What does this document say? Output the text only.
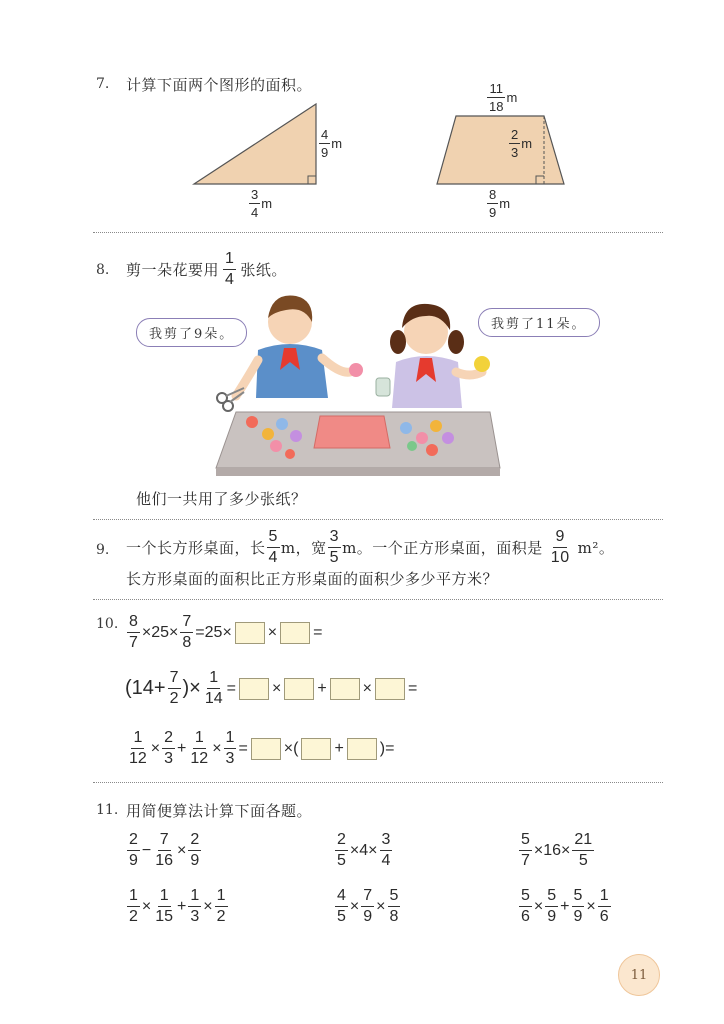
7. 计算下面两个图形的面积。
$\frac{4}{9}$ m
$\frac{3}{4}$ m
$\frac{11}{18}$ m
$\frac{2}{3}$ m
$\frac{8}{9}$ m
8. 剪一朵花要用 $\frac{1}{4}$ 张纸。
我剪了9朵。
我剪了11朵。
他们一共用了多少张纸？
9. 一个长方形桌面，长 $\frac{5}{4}$ m，宽 $\frac{3}{5}$ m。一个正方形桌面，面积是 $\frac{9}{10} m^2$。
长方形桌面的面积比正方形桌面的面积少多少平方米？
10. $\frac{8}{7} \times 25\times \frac{7}{8} =25\times$ × =
($14+ \frac{7}{2}$ )× $\frac{1}{14}$ = × + × =
$\frac{1}{12} \times \frac{2}{3} + \frac{1}{12} \times \frac{1}{3}$ = ×( + )=
11. 用简便算法计算下面各题。
$\frac{2}{9} - \frac{7}{16} \times \frac{2}{9}$	$\frac{2}{5} \times 4\times \frac{3}{4}$	$\frac{5}{7} \times 16\times \frac{21}{5}$
$\frac{1}{2} \times \frac{1}{15} + \frac{1}{3} \times \frac{1}{2}$	$\frac{4}{5} \times \frac{7}{9} \times \frac{5}{8}$	$\frac{5}{6} \times \frac{5}{9} + \frac{5}{9} \times \frac{1}{6}$
11
